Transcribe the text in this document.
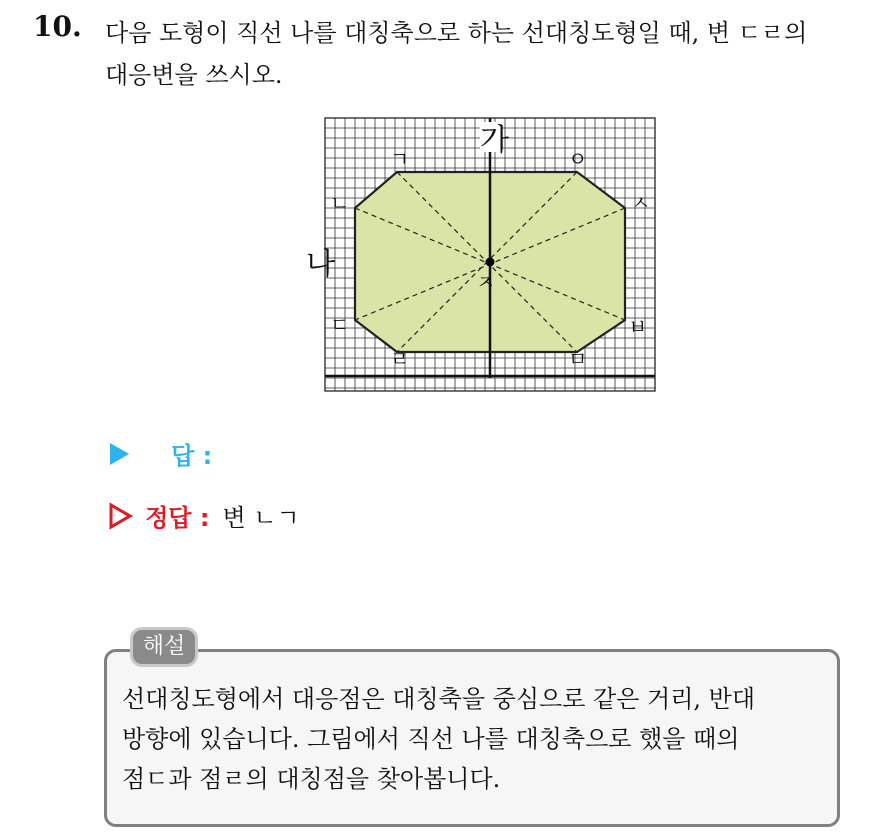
10. 다음 도형이 직선 나를 대칭축으로 하는 선대칭도형일 때, 변 ㄷㄹ의
대응변을 쓰시오.
가
나
ㄱ	ㅇ
ㄴ	ㅅ
ㄷ	ㅂ
ㄹ	ㅁ
ㅈ
답 :
정답 : 변 ㄴㄱ
해설
선대칭도형에서 대응점은 대칭축을 중심으로 같은 거리, 반대
방향에 있습니다. 그림에서 직선 나를 대칭축으로 했을 때의
점ㄷ과 점ㄹ의 대칭점을 찾아봅니다.
